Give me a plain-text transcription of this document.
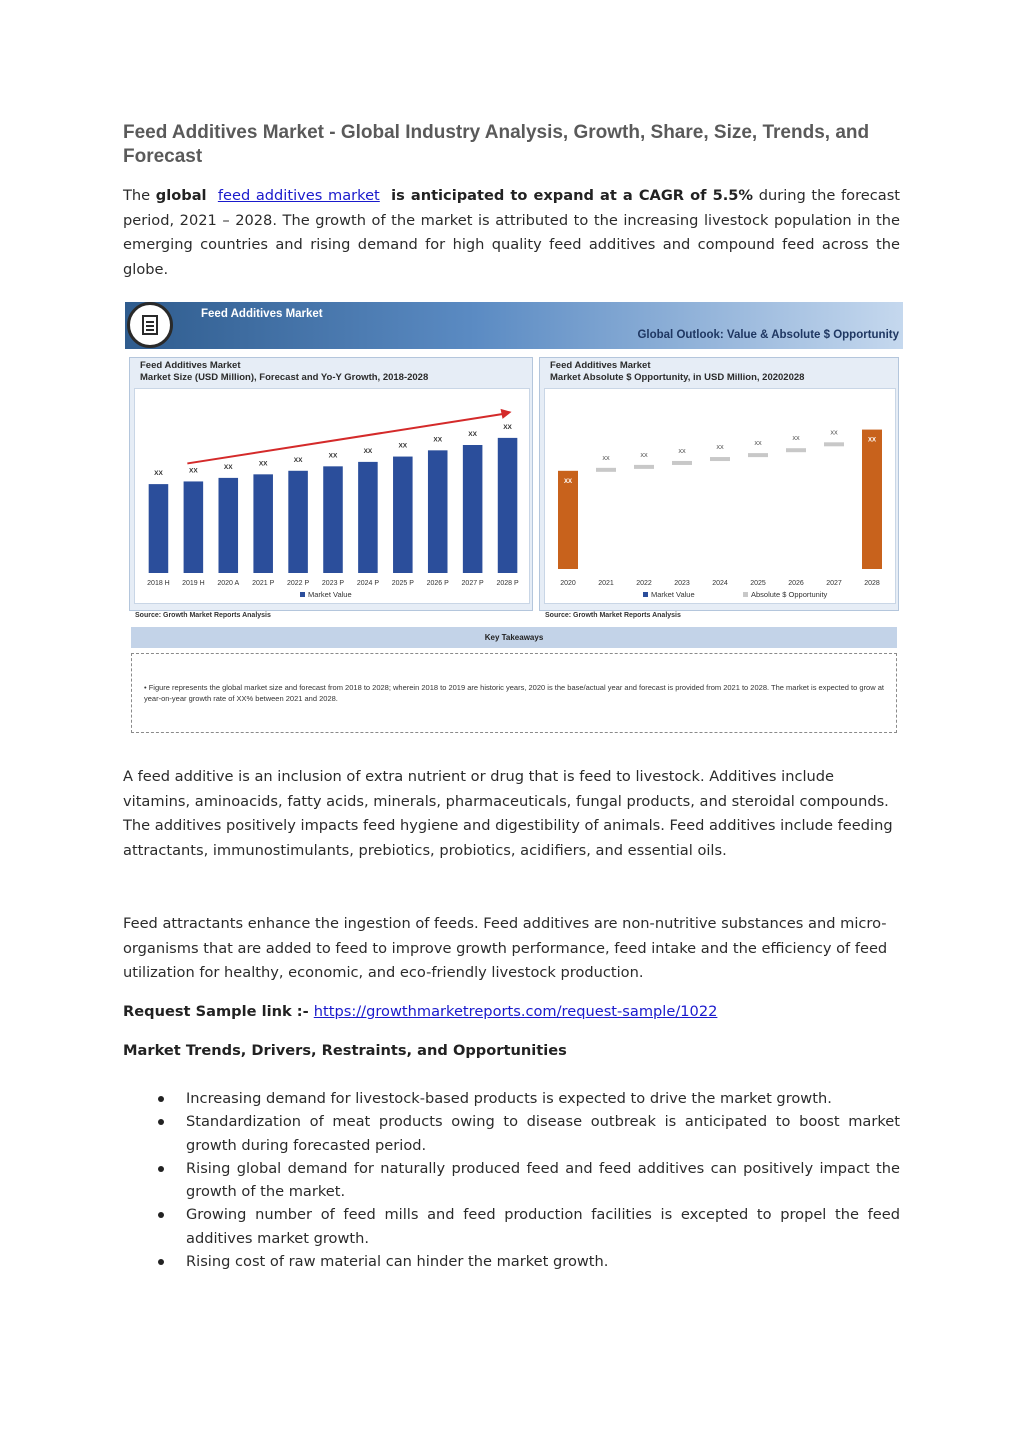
Feed Additives Market - Global Industry Analysis, Growth, Share, Size, Trends, and Forecast

The global feed additives market is anticipated to expand at a CAGR of 5.5% during the forecast period, 2021 – 2028. The growth of the market is attributed to the increasing livestock population in the emerging countries and rising demand for high quality feed additives and compound feed across the globe.

Feed Additives Market
Global Outlook: Value & Absolute $ Opportunity
Feed Additives Market
Market Size (USD Million), Forecast and Yo-Y Growth, 2018-2028
XX
2018 H
XX
2019 H
XX
2020 A
XX
2021 P
XX
2022 P
XX
2023 P
XX
2024 P
XX
2025 P
XX
2026 P
XX
2027 P
XX
2028 P
Market Value
Feed Additives Market
Market Absolute $ Opportunity, in USD Million, 20202028
XX
2020
XX
2021
XX
2022
XX
2023
XX
2024
XX
2025
XX
2026
XX
2027
XX
2028
Market Value	Absolute $ Opportunity
Source: Growth Market Reports Analysis	Source: Growth Market Reports Analysis
Key Takeaways
• Figure represents the global market size and forecast from 2018 to 2028; wherein 2018 to 2019 are historic years, 2020 is the base/actual year and forecast is provided from 2021 to 2028. The market is expected to grow at year-on-year growth rate of XX% between 2021 and 2028.

A feed additive is an inclusion of extra nutrient or drug that is feed to livestock. Additives include vitamins, aminoacids, fatty acids, minerals, pharmaceuticals, fungal products, and steroidal compounds. The additives positively impacts feed hygiene and digestibility of animals. Feed additives include feeding attractants, immunostimulants, prebiotics, probiotics, acidifiers, and essential oils.

Feed attractants enhance the ingestion of feeds. Feed additives are non-nutritive substances and micro-organisms that are added to feed to improve growth performance, feed intake and the efficiency of feed utilization for healthy, economic, and eco-friendly livestock production.

Request Sample link :- https://growthmarketreports.com/request-sample/1022

Market Trends, Drivers, Restraints, and Opportunities

Increasing demand for livestock-based products is expected to drive the market growth.
Standardization of meat products owing to disease outbreak is anticipated to boost market growth during forecasted period.
Rising global demand for naturally produced feed and feed additives can positively impact the growth of the market.
Growing number of feed mills and feed production facilities is excepted to propel the feed additives market growth.
Rising cost of raw material can hinder the market growth.
